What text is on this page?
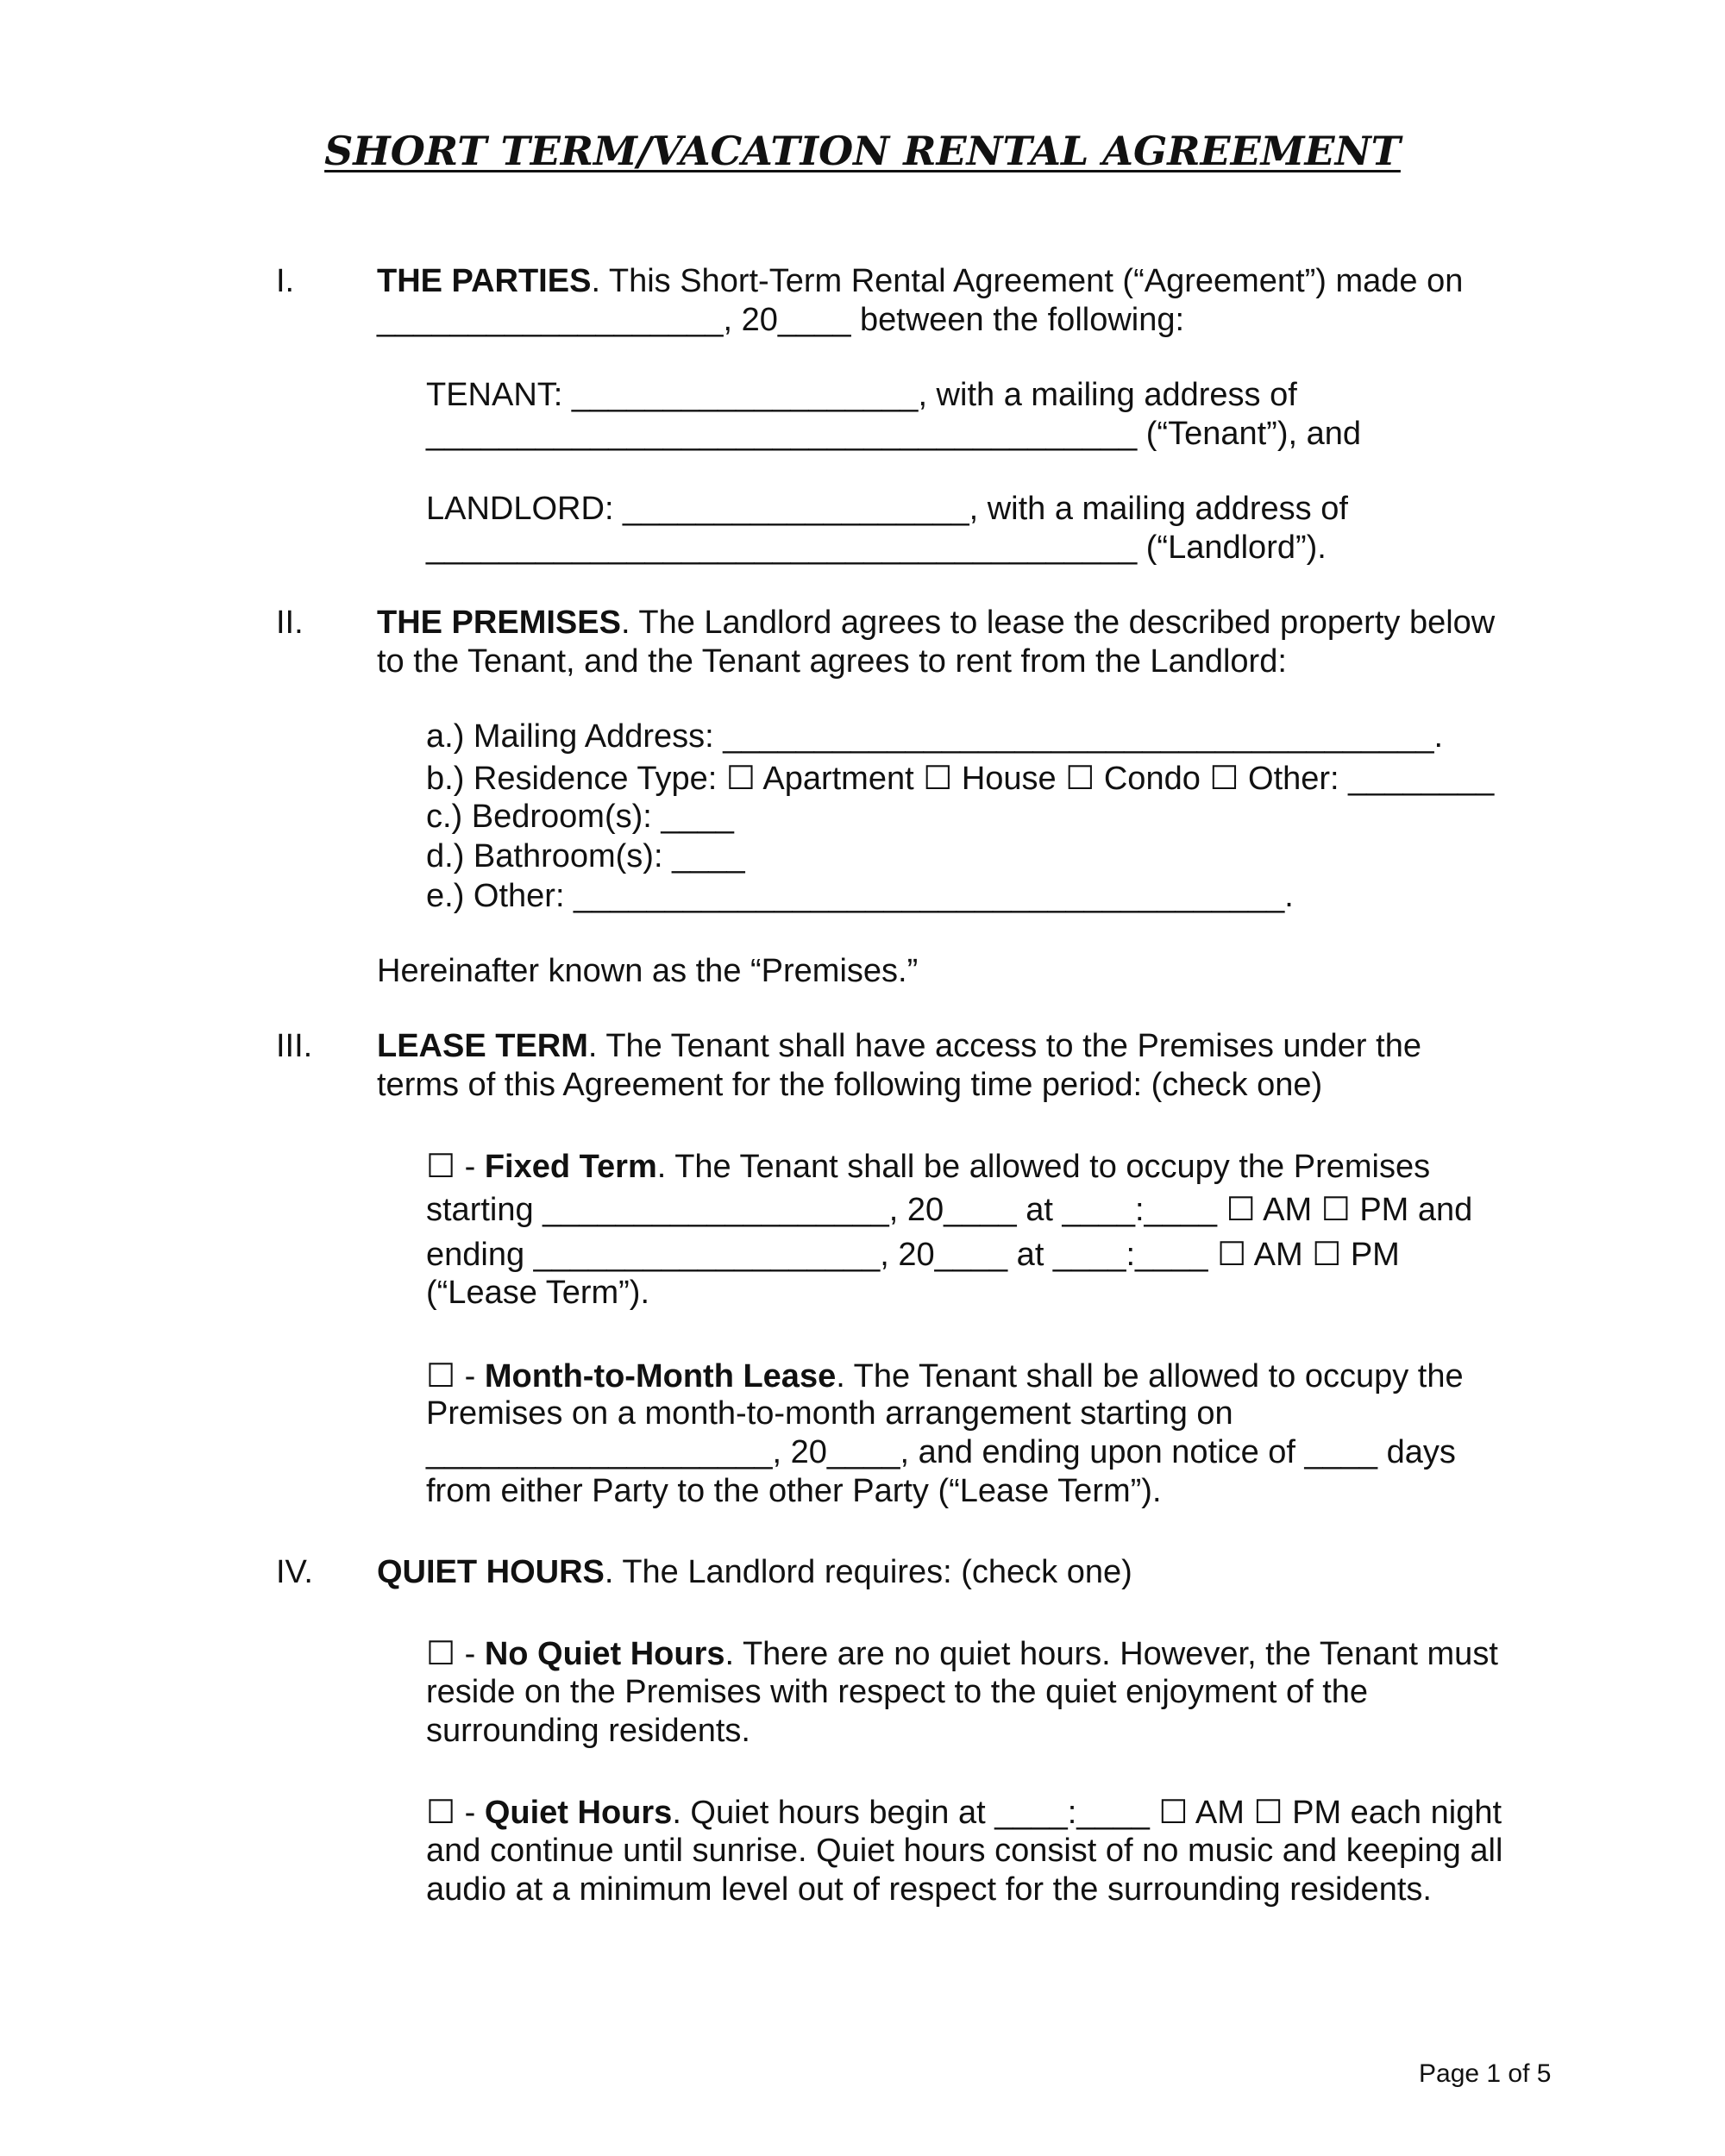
SHORT TERM/VACATION RENTAL AGREEMENT
I.	THE PARTIES. This Short-Term Rental Agreement (“Agreement”) made on
___________________, 20____ between the following:
TENANT: ___________________, with a mailing address of
_______________________________________ (“Tenant”), and
LANDLORD: ___________________, with a mailing address of
_______________________________________ (“Landlord”).
II. THE PREMISES. The Landlord agrees to lease the described property below
to the Tenant, and the Tenant agrees to rent from the Landlord:
a.) Mailing Address: _______________________________________.
b.) Residence Type: ☐ Apartment ☐ House ☐ Condo ☐ Other: ________
c.) Bedroom(s): ____
d.) Bathroom(s): ____
e.) Other: _______________________________________.
Hereinafter known as the “Premises.”
III. LEASE TERM. The Tenant shall have access to the Premises under the
terms of this Agreement for the following time period: (check one)
☐ - Fixed Term. The Tenant shall be allowed to occupy the Premises
starting ___________________, 20____ at ____:____ ☐ AM ☐ PM and
ending ___________________, 20____ at ____:____ ☐ AM ☐ PM
(“Lease Term”).
☐ - Month-to-Month Lease. The Tenant shall be allowed to occupy the
Premises on a month-to-month arrangement starting on
___________________, 20____, and ending upon notice of ____ days
from either Party to the other Party (“Lease Term”).
IV. QUIET HOURS. The Landlord requires: (check one)
☐ - No Quiet Hours. There are no quiet hours. However, the Tenant must
reside on the Premises with respect to the quiet enjoyment of the
surrounding residents.
☐ - Quiet Hours. Quiet hours begin at ____:____ ☐ AM ☐ PM each night
and continue until sunrise. Quiet hours consist of no music and keeping all
audio at a minimum level out of respect for the surrounding residents.
Page 1 of 5
